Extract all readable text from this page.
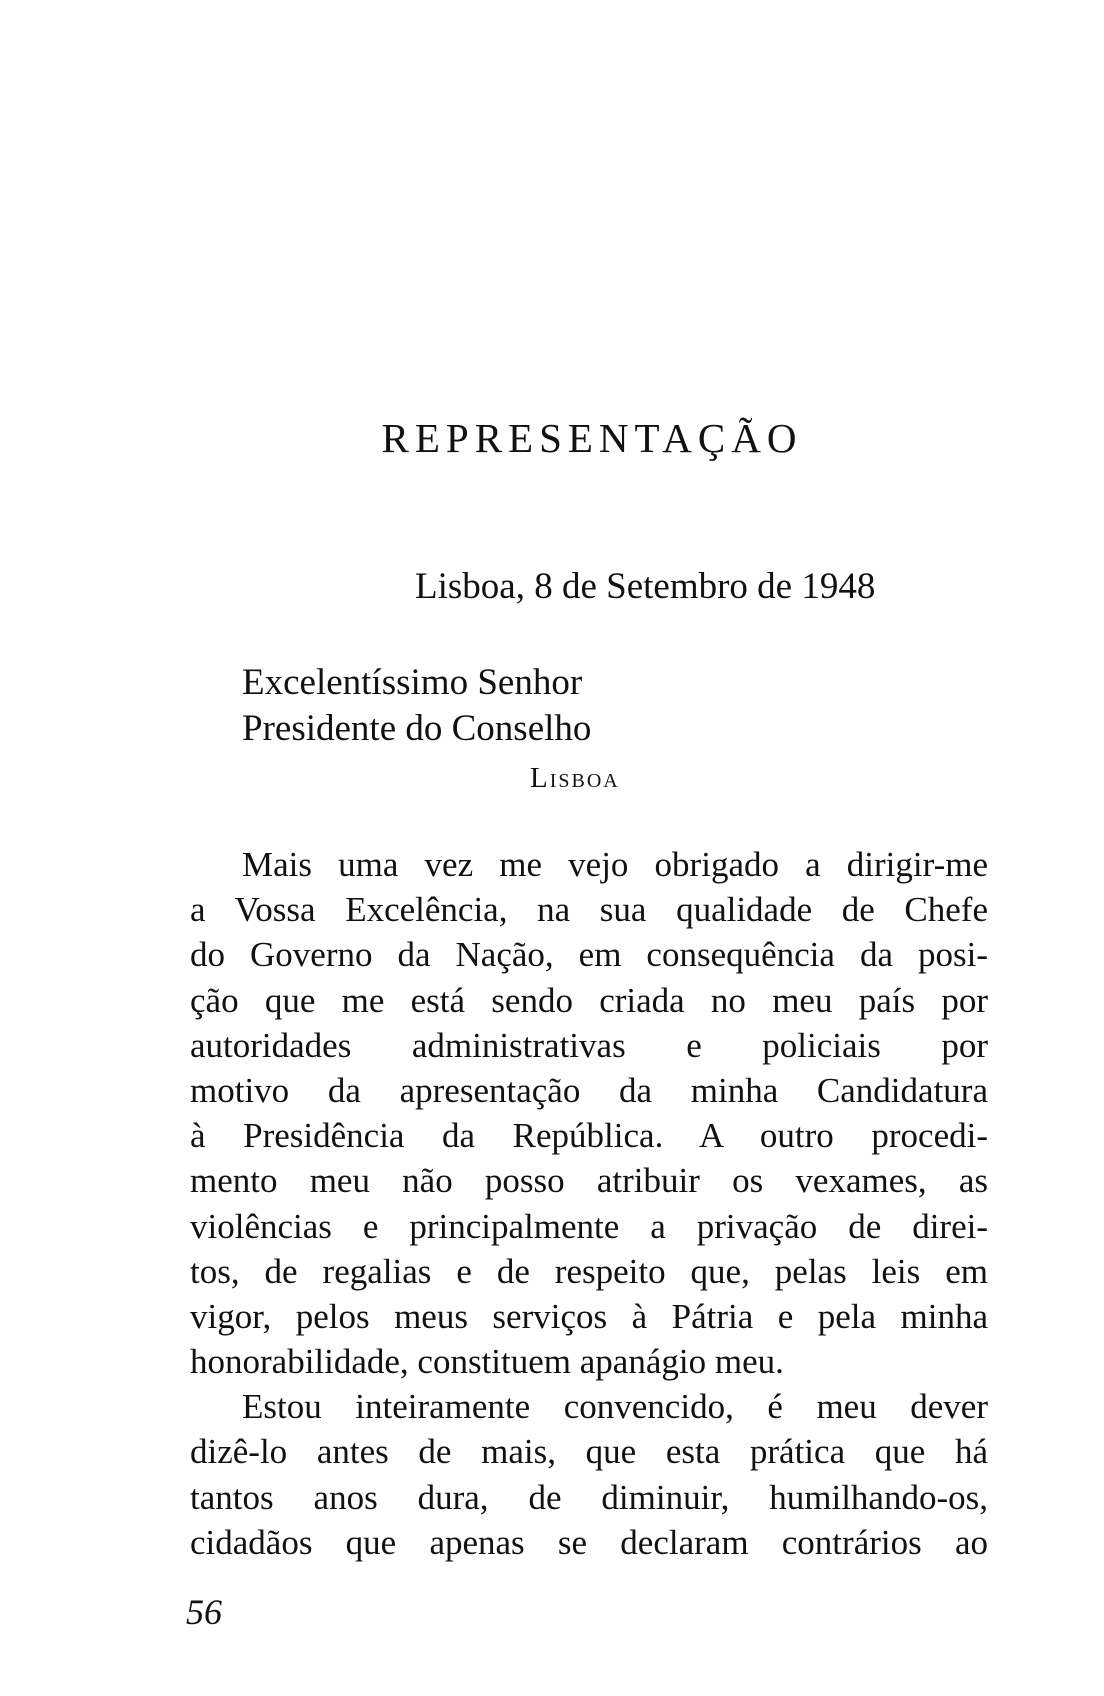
REPRESENTAÇÃO
Lisboa, 8 de Setembro de 1948
Excelentíssimo Senhor
Presidente do Conselho
Lisboa
Mais uma vez me vejo obrigado a dirigir-me
a Vossa Excelência, na sua qualidade de Chefe
do Governo da Nação, em consequência da posi-
ção que me está sendo criada no meu país por
autoridades administrativas e policiais por
motivo da apresentação da minha Candidatura
à Presidência da República. A outro procedi-
mento meu não posso atribuir os vexames, as
violências e principalmente a privação de direi-
tos, de regalias e de respeito que, pelas leis em
vigor, pelos meus serviços à Pátria e pela minha
honorabilidade, constituem apanágio meu.
Estou inteiramente convencido, é meu dever
dizê-lo antes de mais, que esta prática que há
tantos anos dura, de diminuir, humilhando-os,
cidadãos que apenas se declaram contrários ao
56
